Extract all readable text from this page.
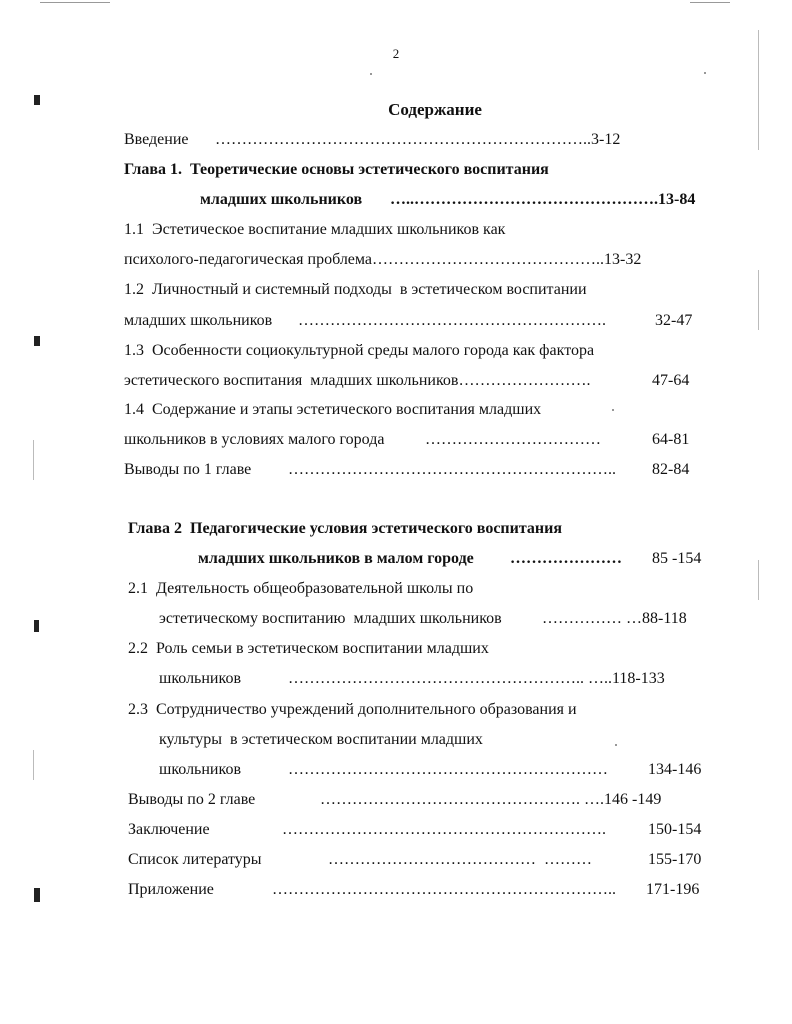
2
Содержание
Введение ……………………………………………………………..3-12
Глава 1.  Теоретические основы эстетического воспитания
младших школьников …..……………………………………….13-84
1.1  Эстетическое воспитание младших школьников как
психолого-педагогическая проблема……………………………………..13-32
1.2  Личностный и системный подходы  в эстетическом воспитании
младших школьников ………………………………………………….	32-47
1.3  Особенности социокультурной среды малого города как фактора
эстетического воспитания  младших школьников…………………….	47-64
1.4  Содержание и этапы эстетического воспитания младших
школьников в условиях малого города	……………………………	64-81
Выводы по 1 главе …………………………………………………….. 82-84
Глава 2  Педагогические условия эстетического воспитания
младших школьников в малом городе ………………… 85 -154
2.1  Деятельность общеобразовательной школы по
эстетическому воспитанию  младших школьников	…………… …88-118
2.2  Роль семьи в эстетическом воспитании младших
школьников	……………………………………………….. …..118-133
2.3  Сотрудничество учреждений дополнительного образования и
культуры  в эстетическом воспитании младших
школьников	……………………………………………………	134-146
Выводы по 2 главе	…………………………………………. ….146 -149
Заключение	…………………………………………………….	150-154
Список литературы	…………………………………  ………	155-170
Приложение	……………………………………………………….. 171-196
